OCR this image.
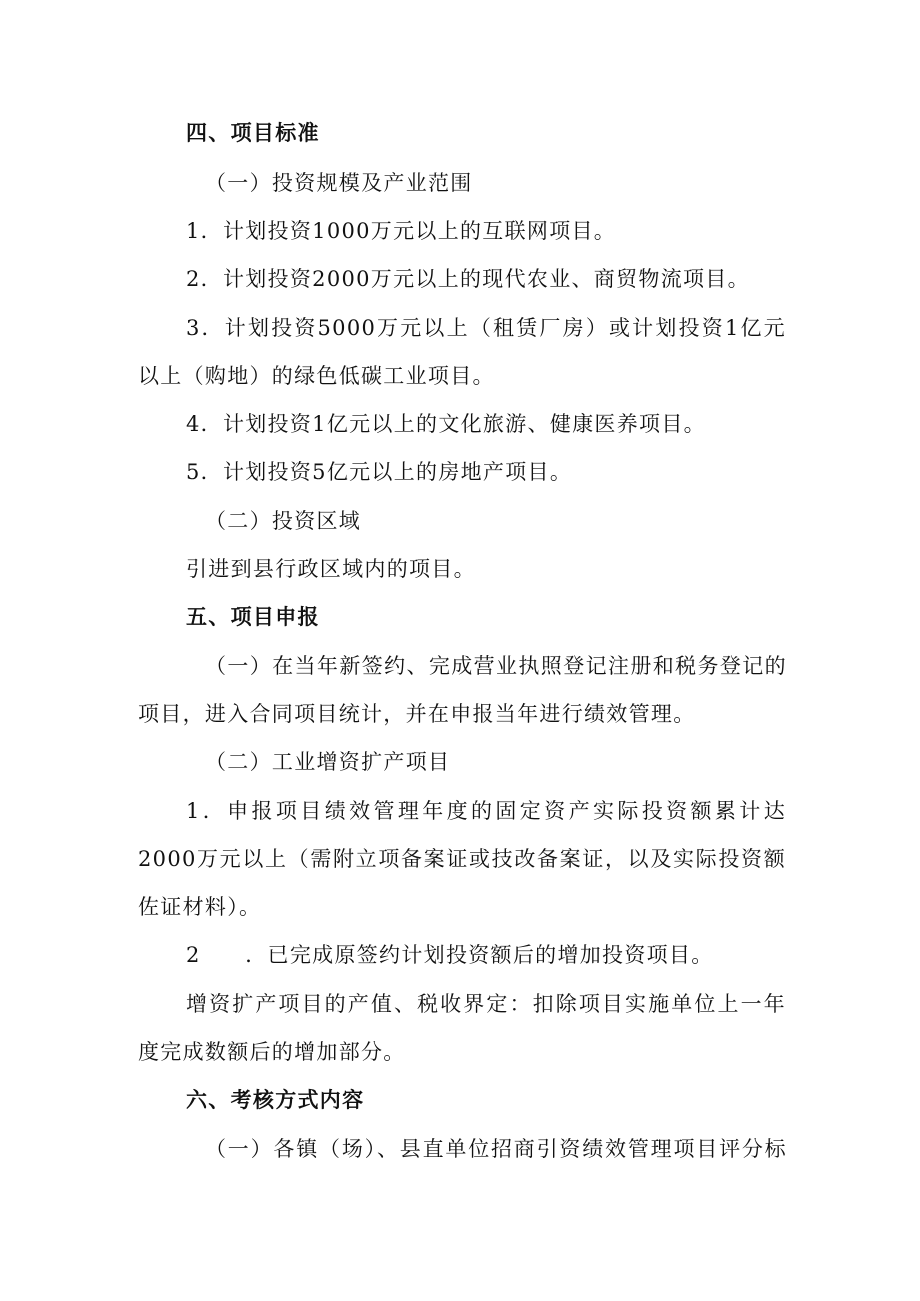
四、项目标准

（一）投资规模及产业范围

1．计划投资1000万元以上的互联网项目。

2．计划投资2000万元以上的现代农业、商贸物流项目。

3．计划投资5000万元以上（租赁厂房）或计划投资1亿元

以上（购地）的绿色低碳工业项目。

4．计划投资1亿元以上的文化旅游、健康医养项目。

5．计划投资5亿元以上的房地产项目。

（二）投资区域

引进到县行政区域内的项目。

五、项目申报

（一）在当年新签约、完成营业执照登记注册和税务登记的

项目，进入合同项目统计，并在申报当年进行绩效管理。

（二）工业增资扩产项目

1．申报项目绩效管理年度的固定资产实际投资额累计达

2000万元以上（需附立项备案证或技改备案证，以及实际投资额

佐证材料）。

2　　．已完成原签约计划投资额后的增加投资项目。

增资扩产项目的产值、税收界定：扣除项目实施单位上一年

度完成数额后的增加部分。

六、考核方式内容

（一）各镇（场）、县直单位招商引资绩效管理项目评分标
